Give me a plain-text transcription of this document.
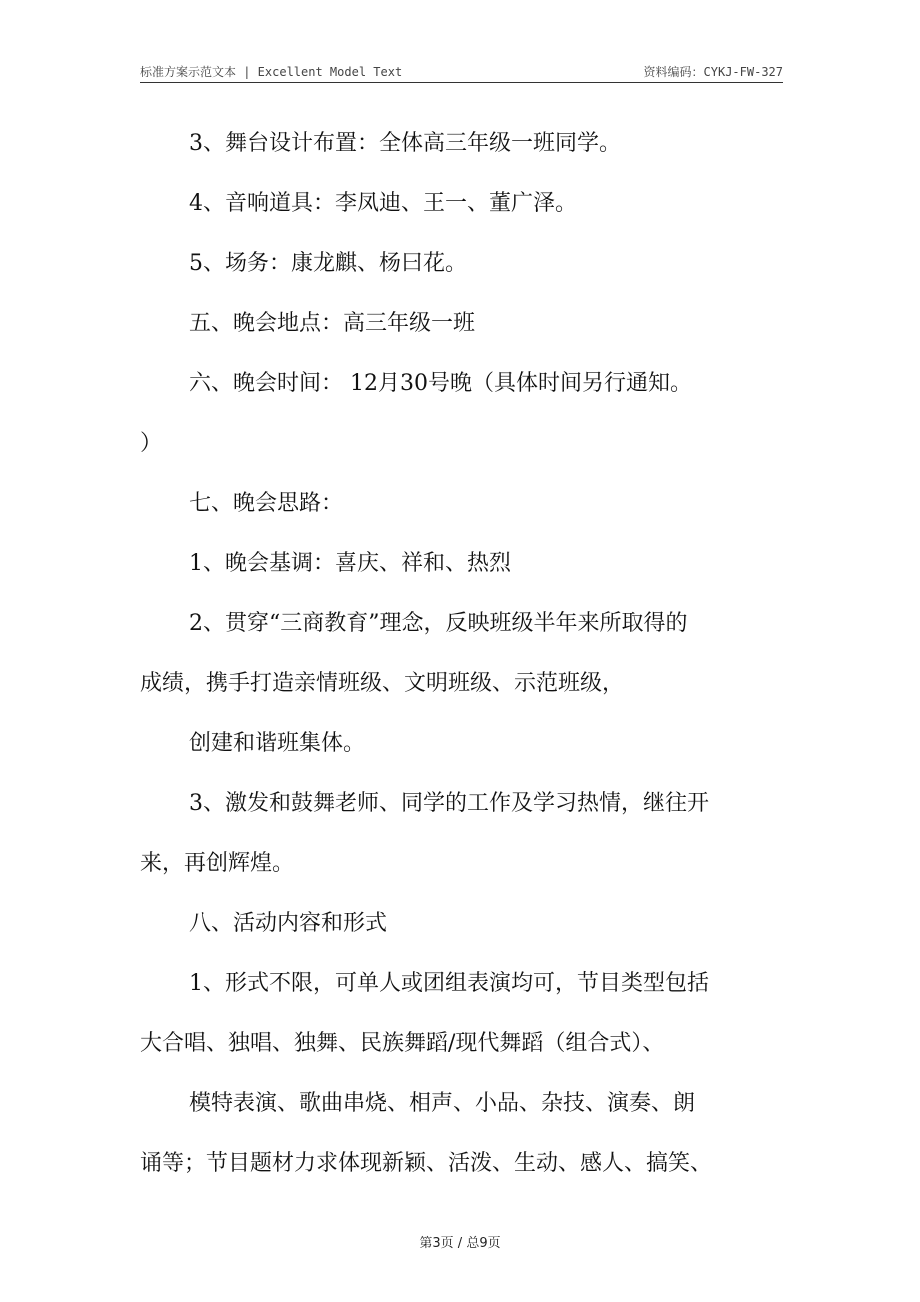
标准方案示范文本 | Excellent Model Text	资料编码：CYKJ-FW-327
3、舞台设计布置：全体高三年级一班同学。
4、音响道具：李凤迪、王一、董广泽。
5、场务：康龙麒、杨曰花。
五、晚会地点：高三年级一班
六、晚会时间： 12月30号晚（具体时间另行通知。
）
七、晚会思路：
1、晚会基调：喜庆、祥和、热烈
2、贯穿“三商教育”理念，反映班级半年来所取得的
成绩，携手打造亲情班级、文明班级、示范班级，
创建和谐班集体。
3、激发和鼓舞老师、同学的工作及学习热情，继往开
来，再创辉煌。
八、活动内容和形式
1、形式不限，可单人或团组表演均可，节目类型包括
大合唱、独唱、独舞、民族舞蹈/现代舞蹈（组合式）、
模特表演、歌曲串烧、相声、小品、杂技、演奏、朗
诵等；节目题材力求体现新颖、活泼、生动、感人、搞笑、
第3页 / 总9页
